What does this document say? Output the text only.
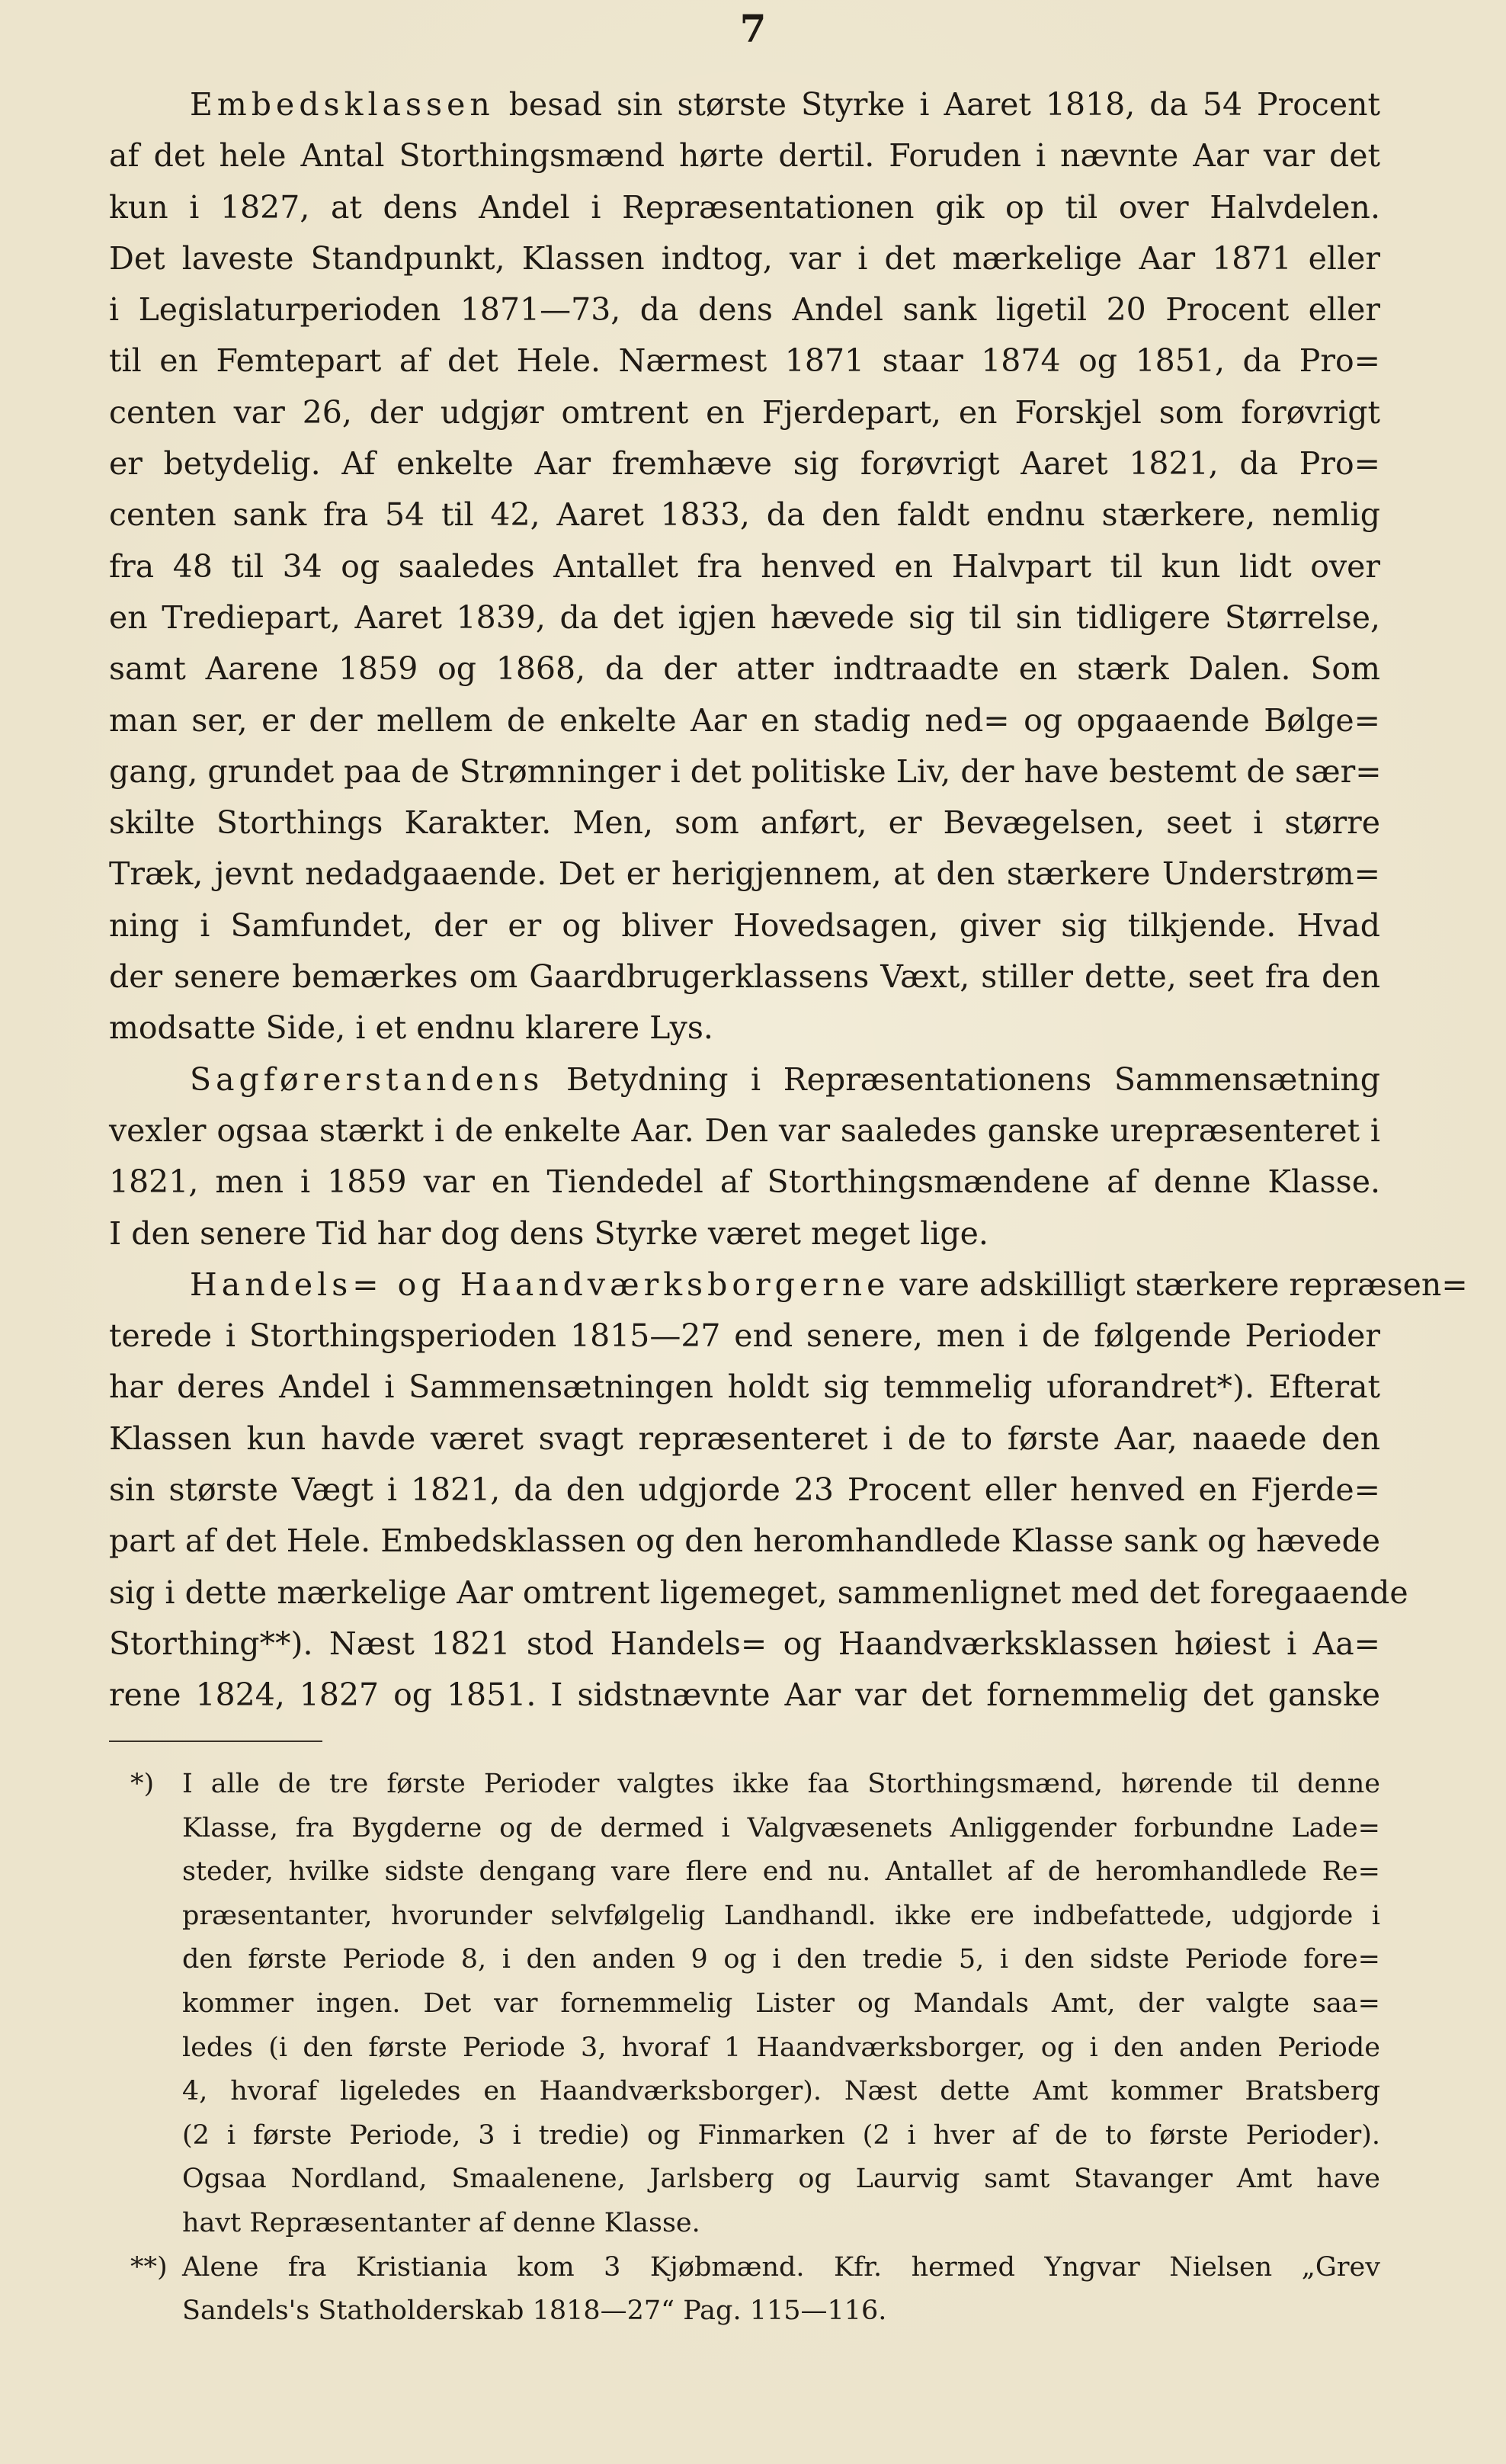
7
Embedsklassen besad sin største Styrke i Aaret 1818, da 54 Procent
af det hele Antal Storthingsmænd hørte dertil. Foruden i nævnte Aar var det
kun i 1827, at dens Andel i Repræsentationen gik op til over Halvdelen.
Det laveste Standpunkt, Klassen indtog, var i det mærkelige Aar 1871 eller
i Legislaturperioden 1871—73, da dens Andel sank ligetil 20 Procent eller
til en Femtepart af det Hele. Nærmest 1871 staar 1874 og 1851, da Pro=
centen var 26, der udgjør omtrent en Fjerdepart, en Forskjel som forøvrigt
er betydelig. Af enkelte Aar fremhæve sig forøvrigt Aaret 1821, da Pro=
centen sank fra 54 til 42, Aaret 1833, da den faldt endnu stærkere, nemlig
fra 48 til 34 og saaledes Antallet fra henved en Halvpart til kun lidt over
en Trediepart, Aaret 1839, da det igjen hævede sig til sin tidligere Størrelse,
samt Aarene 1859 og 1868, da der atter indtraadte en stærk Dalen. Som
man ser, er der mellem de enkelte Aar en stadig ned= og opgaaende Bølge=
gang, grundet paa de Strømninger i det politiske Liv, der have bestemt de sær=
skilte Storthings Karakter. Men, som anført, er Bevægelsen, seet i større
Træk, jevnt nedadgaaende. Det er herigjennem, at den stærkere Understrøm=
ning i Samfundet, der er og bliver Hovedsagen, giver sig tilkjende. Hvad
der senere bemærkes om Gaardbrugerklassens Væxt, stiller dette, seet fra den
modsatte Side, i et endnu klarere Lys.
Sagførerstandens Betydning i Repræsentationens Sammensætning
vexler ogsaa stærkt i de enkelte Aar. Den var saaledes ganske urepræsenteret i
1821, men i 1859 var en Tiendedel af Storthingsmændene af denne Klasse.
I den senere Tid har dog dens Styrke været meget lige.
Handels= og Haandværksborgerne vare adskilligt stærkere repræsen=
terede i Storthingsperioden 1815—27 end senere, men i de følgende Perioder
har deres Andel i Sammensætningen holdt sig temmelig uforandret*). Efterat
Klassen kun havde været svagt repræsenteret i de to første Aar, naaede den
sin største Vægt i 1821, da den udgjorde 23 Procent eller henved en Fjerde=
part af det Hele. Embedsklassen og den heromhandlede Klasse sank og hævede
sig i dette mærkelige Aar omtrent ligemeget, sammenlignet med det foregaaende
Storthing**). Næst 1821 stod Handels= og Haandværksklassen høiest i Aa=
rene 1824, 1827 og 1851. I sidstnævnte Aar var det fornemmelig det ganske
*) I alle de tre første Perioder valgtes ikke faa Storthingsmænd, hørende til denne
Klasse, fra Bygderne og de dermed i Valgvæsenets Anliggender forbundne Lade=
steder, hvilke sidste dengang vare flere end nu. Antallet af de heromhandlede Re=
præsentanter, hvorunder selvfølgelig Landhandl. ikke ere indbefattede, udgjorde i
den første Periode 8, i den anden 9 og i den tredie 5, i den sidste Periode fore=
kommer ingen. Det var fornemmelig Lister og Mandals Amt, der valgte saa=
ledes (i den første Periode 3, hvoraf 1 Haandværksborger, og i den anden Periode
4, hvoraf ligeledes en Haandværksborger). Næst dette Amt kommer Bratsberg
(2 i første Periode, 3 i tredie) og Finmarken (2 i hver af de to første Perioder).
Ogsaa Nordland, Smaalenene, Jarlsberg og Laurvig samt Stavanger Amt have
havt Repræsentanter af denne Klasse.
**) Alene fra Kristiania kom 3 Kjøbmænd. Kfr. hermed Yngvar Nielsen „Grev
Sandels's Statholderskab 1818—27“ Pag. 115—116.
